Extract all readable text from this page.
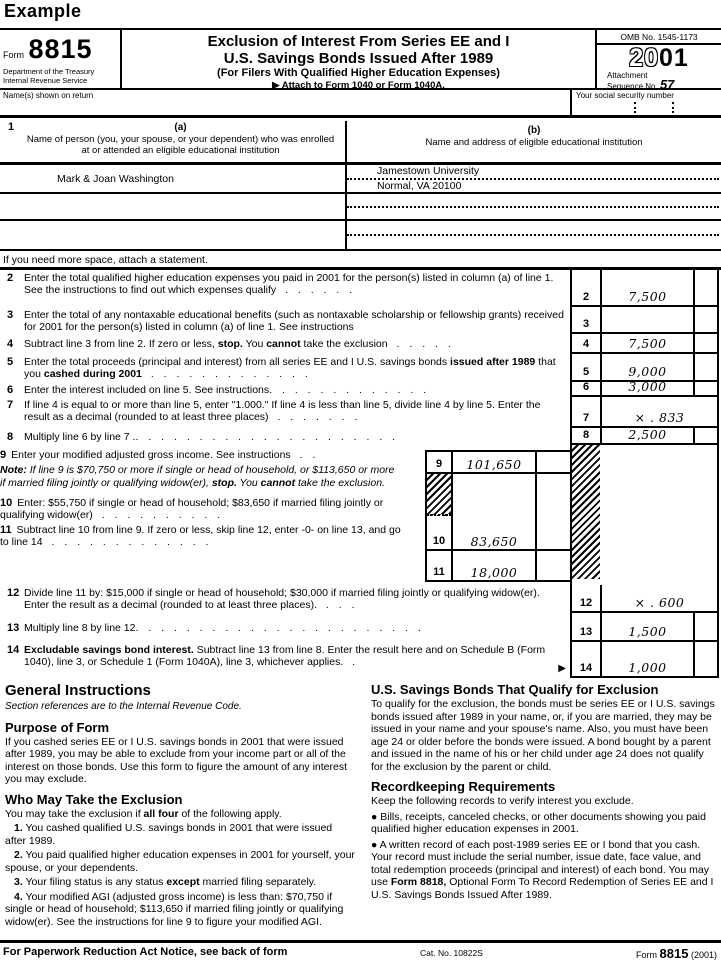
Example
Form 8815
Department of the Treasury
Internal Revenue Service
Exclusion of Interest From Series EE and I
U.S. Savings Bonds Issued After 1989
(For Filers With Qualified Higher Education Expenses)
▶ Attach to Form 1040 or Form 1040A.
OMB No. 1545-1173
2001
Attachment
Sequence No. 57
Name(s) shown on return	Your social security number
1	(a)
Name of person (you, your spouse, or your dependent) who was enrolled at or attended an eligible educational institution
(b)
Name and address of eligible educational institution
Mark & Joan Washington
Jamestown University
Normal, VA 20100
If you need more space, attach a statement.
2 Enter the total qualified higher education expenses you paid in 2001 for the person(s) listed in column (a) of line 1. See the instructions to find out which expenses qualify . . . . . .
2	7,500
3 Enter the total of any nontaxable educational benefits (such as nontaxable scholarship or fellowship grants) received for 2001 for the person(s) listed in column (a) of line 1. See instructions	3
4 Subtract line 3 from line 2. If zero or less, stop. You cannot take the exclusion . . . . .	4	7,500
5 Enter the total proceeds (principal and interest) from all series EE and I U.S. savings bonds issued after 1989 that you cashed during 2001 . . . . . . . . . . . . .	5	9,000
6 Enter the interest included on line 5. See instructions . . . . . . . . . . . . .	6	3,000
7 If line 4 is equal to or more than line 5, enter "1.000." If line 4 is less than line 5, divide line 4 by line 5. Enter the result as a decimal (rounded to at least three places) . . . . . . .	7	× . 833
8 Multiply line 6 by line 7 . . . . . . . . . . . . . . . . . . . . . .	8	2,500
9 Enter your modified adjusted gross income. See instructions . .
Note: If line 9 is $70,750 or more if single or head of household, or $113,650 or more if married filing jointly or qualifying widow(er), stop. You cannot take the exclusion.
10 Enter: $55,750 if single or head of household; $83,650 if married filing jointly or qualifying widow(er) . . . . . . . . . .
11 Subtract line 10 from line 9. If zero or less, skip line 12, enter -0- on line 13, and go to line 14 . . . . . . . . . . . . .
9	101,650
10 83,650
11	18,000
12 Divide line 11 by: $15,000 if single or head of household; $30,000 if married filing jointly or qualifying widow(er). Enter the result as a decimal (rounded to at least three places). . . .	12	× . 600
13 Multiply line 8 by line 12 . . . . . . . . . . . . . . . . . . . . . . .	13	1,500
14 Excludable savings bond interest. Subtract line 13 from line 8. Enter the result here and on Schedule B (Form 1040), line 3, or Schedule 1 (Form 1040A), line 3, whichever applies. .
▶	14	1,000
General Instructions
Section references are to the Internal Revenue Code.
Purpose of Form
If you cashed series EE or I U.S. savings bonds in 2001 that were issued after 1989, you may be able to exclude from your income part or all of the interest on those bonds. Use this form to figure the amount of any interest you may exclude.
Who May Take the Exclusion
You may take the exclusion if all four of the following apply.
1. You cashed qualified U.S. savings bonds in 2001 that were issued after 1989.
2. You paid qualified higher education expenses in 2001 for yourself, your spouse, or your dependents.
3. Your filing status is any status except married filing separately.
4. Your modified AGI (adjusted gross income) is less than: $70,750 if single or head of household; $113,650 if married filing jointly or qualifying widow(er). See the instructions for line 9 to figure your modified AGI.
U.S. Savings Bonds That Qualify for Exclusion
To qualify for the exclusion, the bonds must be series EE or I U.S. savings bonds issued after 1989 in your name, or, if you are married, they may be issued in your name and your spouse's name. Also, you must have been age 24 or older before the bonds were issued. A bond bought by a parent and issued in the name of his or her child under age 24 does not qualify for the exclusion by the parent or child.
Recordkeeping Requirements
Keep the following records to verify interest you exclude.
● Bills, receipts, canceled checks, or other documents showing you paid qualified higher education expenses in 2001.
● A written record of each post-1989 series EE or I bond that you cash. Your record must include the serial number, issue date, face value, and total redemption proceeds (principal and interest) of each bond. You may use Form 8818, Optional Form To Record Redemption of Series EE and I U.S. Savings Bonds Issued After 1989.
For Paperwork Reduction Act Notice, see back of form	Cat. No. 10822S	Form 8815 (2001)
